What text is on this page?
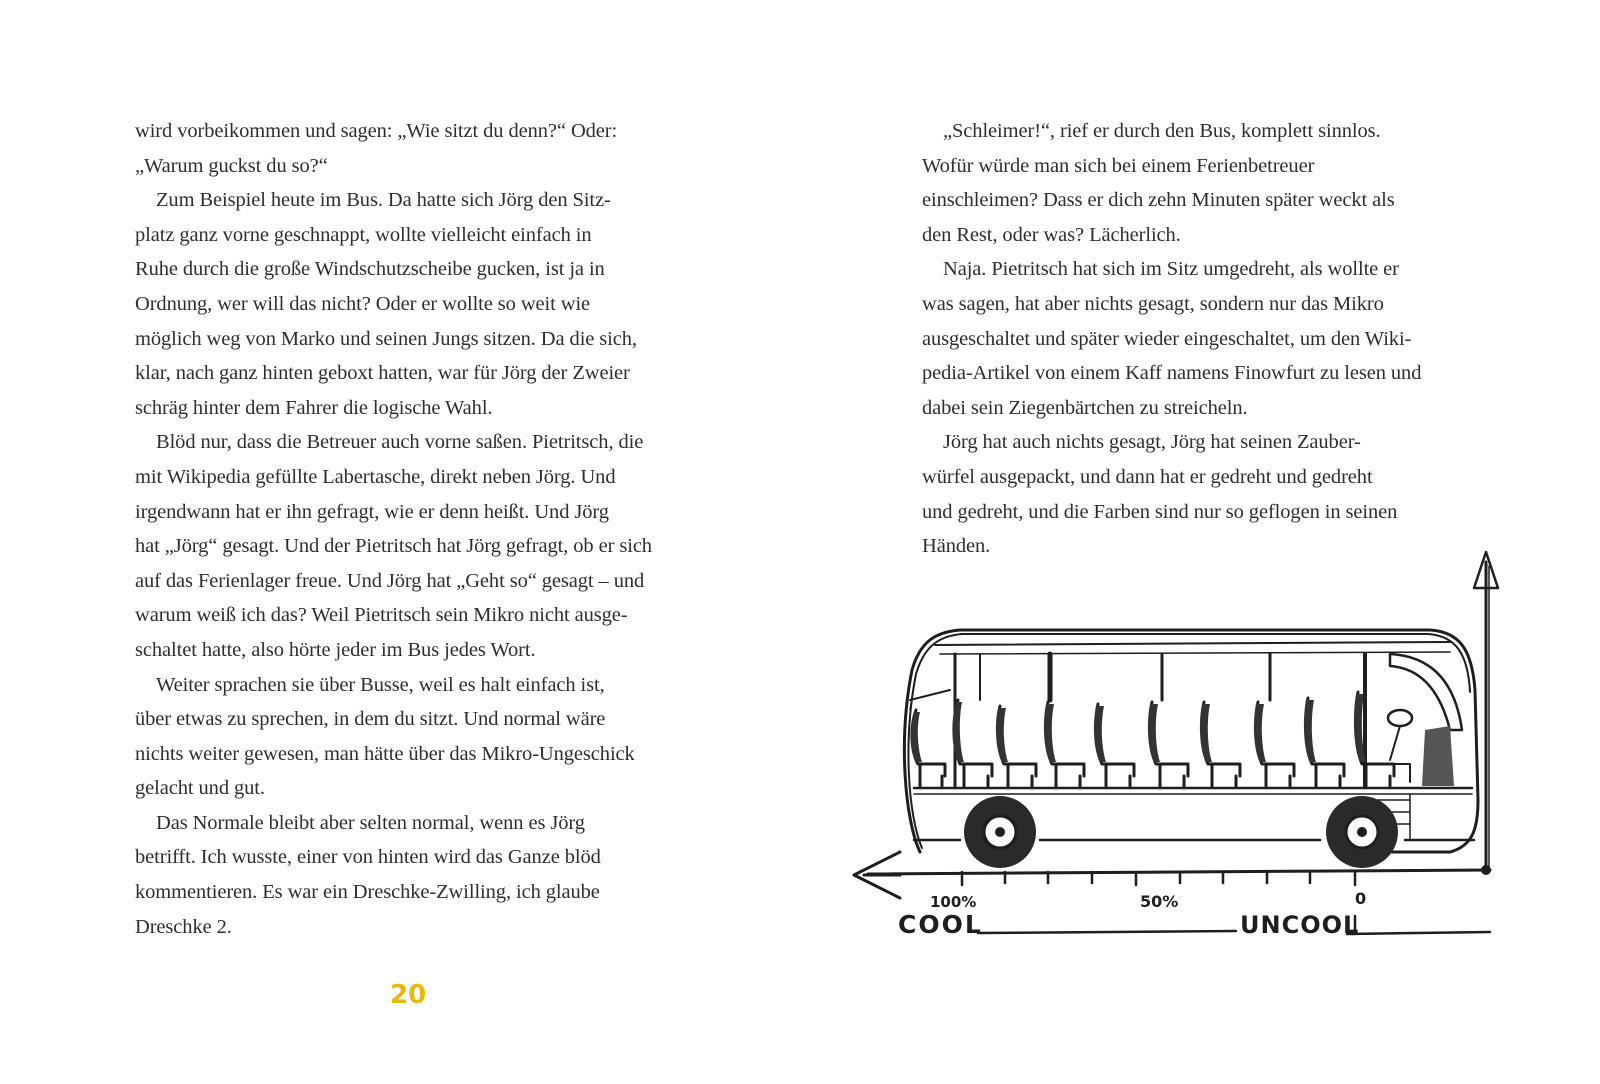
wird vorbeikommen und sagen: „Wie sitzt du denn?“ Oder:
„Warum guckst du so?“
Zum Beispiel heute im Bus. Da hatte sich Jörg den Sitz-
platz ganz vorne geschnappt, wollte vielleicht einfach in
Ruhe durch die große Windschutzscheibe gucken, ist ja in
Ordnung, wer will das nicht? Oder er wollte so weit wie
möglich weg von Marko und seinen Jungs sitzen. Da die sich,
klar, nach ganz hinten geboxt hatten, war für Jörg der Zweier
schräg hinter dem Fahrer die logische Wahl.
Blöd nur, dass die Betreuer auch vorne saßen. Pietritsch, die
mit Wikipedia gefüllte Labertasche, direkt neben Jörg. Und
irgendwann hat er ihn gefragt, wie er denn heißt. Und Jörg
hat „Jörg“ gesagt. Und der Pietritsch hat Jörg gefragt, ob er sich
auf das Ferienlager freue. Und Jörg hat „Geht so“ gesagt – und
warum weiß ich das? Weil Pietritsch sein Mikro nicht ausge-
schaltet hatte, also hörte jeder im Bus jedes Wort.
Weiter sprachen sie über Busse, weil es halt einfach ist,
über etwas zu sprechen, in dem du sitzt. Und normal wäre
nichts weiter gewesen, man hätte über das Mikro-Ungeschick
gelacht und gut.
Das Normale bleibt aber selten normal, wenn es Jörg
betrifft. Ich wusste, einer von hinten wird das Ganze blöd
kommentieren. Es war ein Dreschke-Zwilling, ich glaube
Dreschke 2.
20
„Schleimer!“, rief er durch den Bus, komplett sinnlos.
Wofür würde man sich bei einem Ferienbetreuer
einschleimen? Dass er dich zehn Minuten später weckt als
den Rest, oder was? Lächerlich.
Naja. Pietritsch hat sich im Sitz umgedreht, als wollte er
was sagen, hat aber nichts gesagt, sondern nur das Mikro
ausgeschaltet und später wieder eingeschaltet, um den Wiki-
pedia-Artikel von einem Kaff namens Finowfurt zu lesen und
dabei sein Ziegenbärtchen zu streicheln.
Jörg hat auch nichts gesagt, Jörg hat seinen Zauber-
würfel ausgepackt, und dann hat er gedreht und gedreht
und gedreht, und die Farben sind nur so geflogen in seinen
Händen.
100%	50%	0
COOL	UNCOOL
